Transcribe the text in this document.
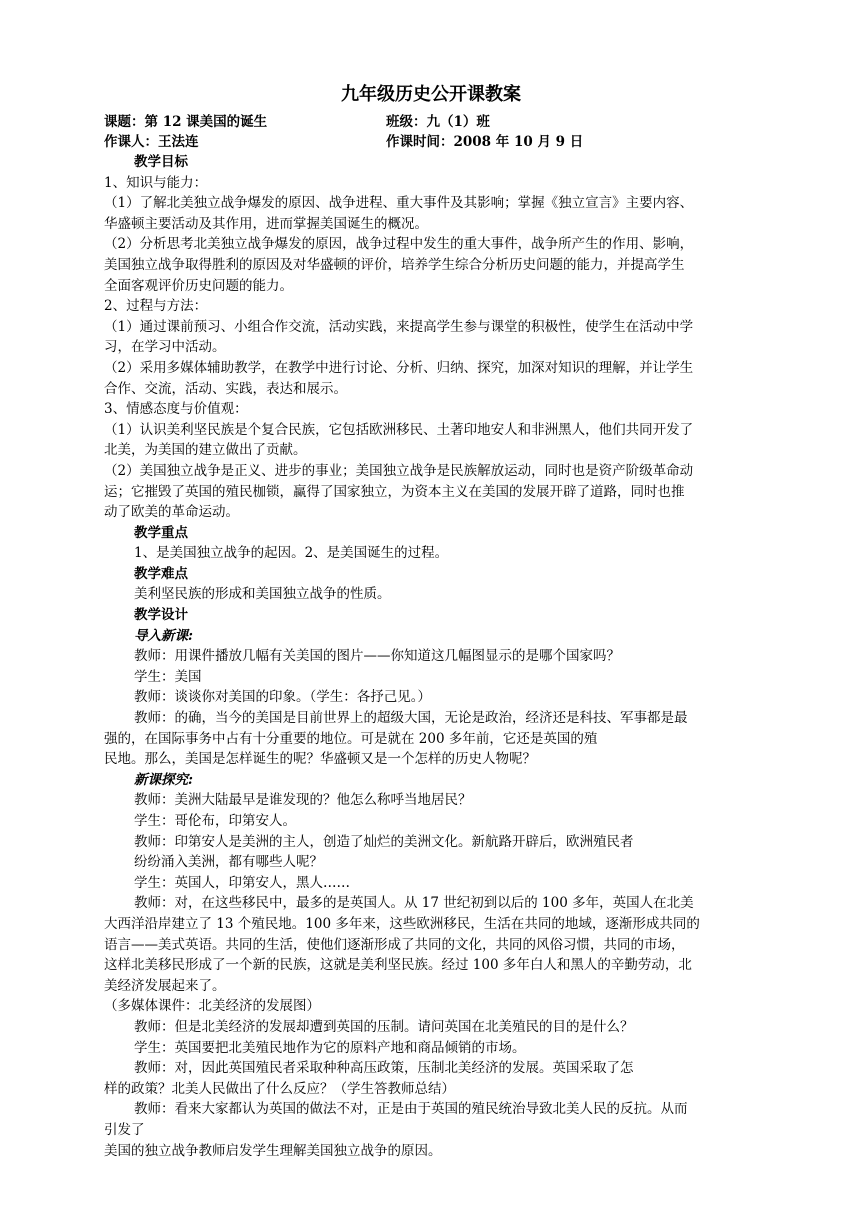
九年级历史公开课教案
课题：第 12 课美国的诞生	班级：九（1）班
作课人：王法连	作课时间：2008 年 10 月 9 日

教学目标

1、知识与能力：

（1）了解北美独立战争爆发的原因、战争进程、重大事件及其影响；掌握《独立宣言》主要内容、

华盛顿主要活动及其作用，进而掌握美国诞生的概况。

（2）分析思考北美独立战争爆发的原因，战争过程中发生的重大事件，战争所产生的作用、影响，

美国独立战争取得胜利的原因及对华盛顿的评价，培养学生综合分析历史问题的能力，并提高学生

全面客观评价历史问题的能力。

2、过程与方法：

（1）通过课前预习、小组合作交流，活动实践，来提高学生参与课堂的积极性，使学生在活动中学

习，在学习中活动。

（2）采用多媒体辅助教学，在教学中进行讨论、分析、归纳、探究，加深对知识的理解，并让学生

合作、交流，活动、实践，表达和展示。

3、情感态度与价值观：

（1）认识美利坚民族是个复合民族，它包括欧洲移民、土著印地安人和非洲黑人，他们共同开发了

北美，为美国的建立做出了贡献。

（2）美国独立战争是正义、进步的事业；美国独立战争是民族解放运动，同时也是资产阶级革命动

运；它摧毁了英国的殖民枷锁，赢得了国家独立，为资本主义在美国的发展开辟了道路，同时也推

动了欧美的革命运动。

教学重点

1、是美国独立战争的起因。2、是美国诞生的过程。

教学难点

美利坚民族的形成和美国独立战争的性质。

教学设计

导入新课:

教师：用课件播放几幅有关美国的图片——你知道这几幅图显示的是哪个国家吗？

学生：美国

教师：谈谈你对美国的印象。（学生：各抒己见。）

教师：的确，当今的美国是目前世界上的超级大国，无论是政治，经济还是科技、军事都是最

强的，在国际事务中占有十分重要的地位。可是就在 200 多年前，它还是英国的殖

民地。那么，美国是怎样诞生的呢？华盛顿又是一个怎样的历史人物呢？

新课探究:

教师：美洲大陆最早是谁发现的？他怎么称呼当地居民？

学生：哥伦布，印第安人。

教师：印第安人是美洲的主人，创造了灿烂的美洲文化。新航路开辟后，欧洲殖民者

纷纷涌入美洲，都有哪些人呢？

学生：英国人，印第安人，黑人……

教师：对，在这些移民中，最多的是英国人。从 17 世纪初到以后的 100 多年，英国人在北美

大西洋沿岸建立了 13 个殖民地。100 多年来，这些欧洲移民，生活在共同的地域，逐渐形成共同的

语言——美式英语。共同的生活，使他们逐渐形成了共同的文化，共同的风俗习惯，共同的市场，

这样北美移民形成了一个新的民族，这就是美利坚民族。经过 100 多年白人和黑人的辛勤劳动，北

美经济发展起来了。

（多媒体课件：北美经济的发展图）

教师：但是北美经济的发展却遭到英国的压制。请问英国在北美殖民的目的是什么？

学生：英国要把北美殖民地作为它的原料产地和商品倾销的市场。

教师：对，因此英国殖民者采取种种高压政策，压制北美经济的发展。英国采取了怎

样的政策？北美人民做出了什么反应？（学生答教师总结）

教师：看来大家都认为英国的做法不对，正是由于英国的殖民统治导致北美人民的反抗。从而

引发了

美国的独立战争教师启发学生理解美国独立战争的原因。
